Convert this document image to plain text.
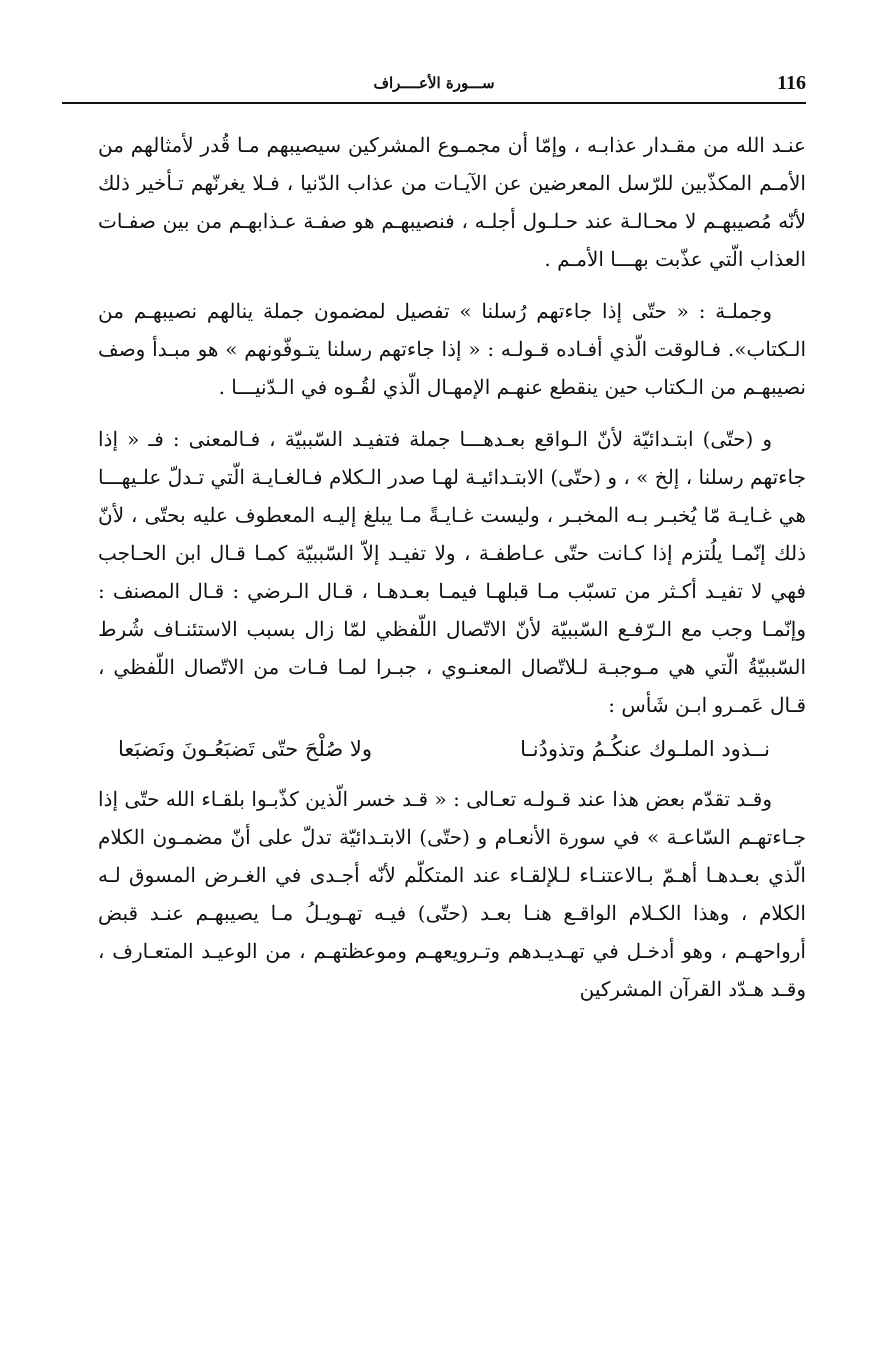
116
ســـورة الأعــــراف

عنـد الله من مقـدار عذابـه ، وإمّا أن مجمـوع المشركين سيصيبهم مـا قُدر لأمثالهم من الأمـم المكذّبين للرّسل المعرضين عن الآيـات من عذاب الدّنيا ، فـلا يغرنّهم تـأخير ذلك لأنّه مُصيبهـم لا محـالـة عند حـلـول أجلـه ، فنصيبهـم هو صفـة عـذابهـم من بين صفـات العذاب الّتي عذّبت بهـــا الأمـم .

وجملـة : « حتّى إذا جاءتهم رُسلنا » تفصيل لمضمون جملة ينالهم نصيبهـم من الـكتاب». فـالوقت الّذي أفـاده قـولـه : « إذا جاءتهم رسلنا يتـوفّونهم » هو مبـدأ وصف نصيبهـم من الـكتاب حين ينقطع عنهـم الإمهـال الّذي لقُـوه في الـدّنيـــا .

و (حتّى) ابتـدائيّة لأنّ الـواقع بعـدهـــا جملة فتفيـد السّببيّة ، فـالمعنى : فـ « إذا جاءتهم رسلنا ، إلخ » ، و (حتّى) الابتـدائيـة لهـا صدر الـكلام فـالغـايـة الّتي تـدلّ علـيهـــا هي غـايـة مّا يُخبـر بـه المخبـر ، وليست غـايـةً مـا يبلغ إليـه المعطوف عليه بحتّى ، لأنّ ذلك إنّمـا يلُتزم إذا كـانت حتّى عـاطفـة ، ولا تفيـد إلاّ السّببيّة كمـا قـال ابن الحـاجب فهي لا تفيـد أكـثر من تسبّب مـا قبلهـا فيمـا بعـدهـا ، قـال الـرضي : قـال المصنف : وإنّمـا وجب مع الـرّفـع السّببيّة لأنّ الاتّصال اللّفظي لمّا زال بسبب الاستئنـاف شُرط السّببيّةُ الّتي هي مـوجبـة لـلاتّصال المعنـوي ، جبـرا لمـا فـات من الاتّصال اللّفظي ، قـال عَمـرو ابـن شَأس :

نــذود الملـوك عنكُـمُ وتذودُنـا
ولا صُلْحَ حتّى تَضبَعُـونَ ونَضبَعا

وقـد تقدّم بعض هذا عند قـولـه تعـالى : « قـد خسر الّذين كذّبـوا بلقـاء الله حتّى إذا جـاءتهـم السّاعـة » في سورة الأنعـام و (حتّى) الابتـدائيّة تدلّ على أنّ مضمـون الكلام الّذي بعـدهـا أهـمّ بـالاعتنـاء لـلإلقـاء عند المتكلّم لأنّه أجـدى في الغـرض المسوق لـه الكلام ، وهذا الكـلام الواقـع هنـا بعـد (حتّى) فيـه تهـويـلُ مـا يصيبهـم عنـد قبض أرواحهـم ، وهو أدخـل في تهـديـدهم وتـرويعهـم وموعظتهـم ، من الوعيـد المتعـارف ، وقـد هـدّد القرآن المشركين
